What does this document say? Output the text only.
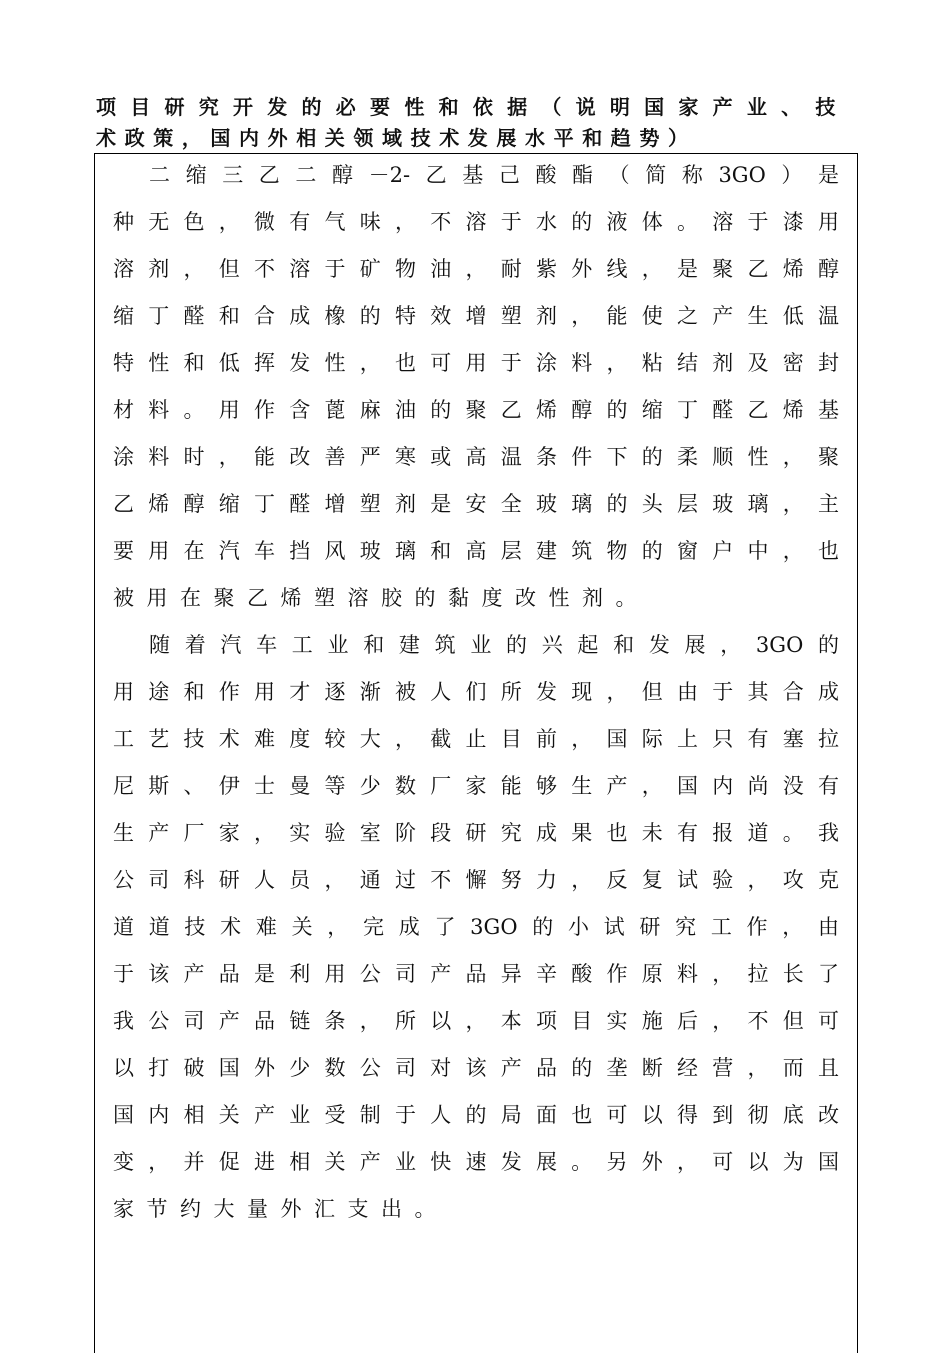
项目研究开发的必要性和依据（说明国家产业、技
术政策，国内外相关领域技术发展水平和趋势）
二缩三乙二醇－2-乙基己酸酯（简称3GO）是
种无色，微有气味，不溶于水的液体。溶于漆用
溶剂，但不溶于矿物油，耐紫外线，是聚乙烯醇
缩丁醛和合成橡的特效增塑剂，能使之产生低温
特性和低挥发性，也可用于涂料，粘结剂及密封
材料。用作含蓖麻油的聚乙烯醇的缩丁醛乙烯基
涂料时，能改善严寒或高温条件下的柔顺性，聚
乙烯醇缩丁醛增塑剂是安全玻璃的头层玻璃，主
要用在汽车挡风玻璃和高层建筑物的窗户中，也
被用在聚乙烯塑溶胶的黏度改性剂。
随着汽车工业和建筑业的兴起和发展，3GO的
用途和作用才逐渐被人们所发现，但由于其合成
工艺技术难度较大，截止目前，国际上只有塞拉
尼斯、伊士曼等少数厂家能够生产，国内尚没有
生产厂家，实验室阶段研究成果也未有报道。我
公司科研人员，通过不懈努力，反复试验，攻克
道道技术难关，完成了3GO的小试研究工作，由
于该产品是利用公司产品异辛酸作原料，拉长了
我公司产品链条，所以，本项目实施后，不但可
以打破国外少数公司对该产品的垄断经营，而且
国内相关产业受制于人的局面也可以得到彻底改
变，并促进相关产业快速发展。另外，可以为国
家节约大量外汇支出。
